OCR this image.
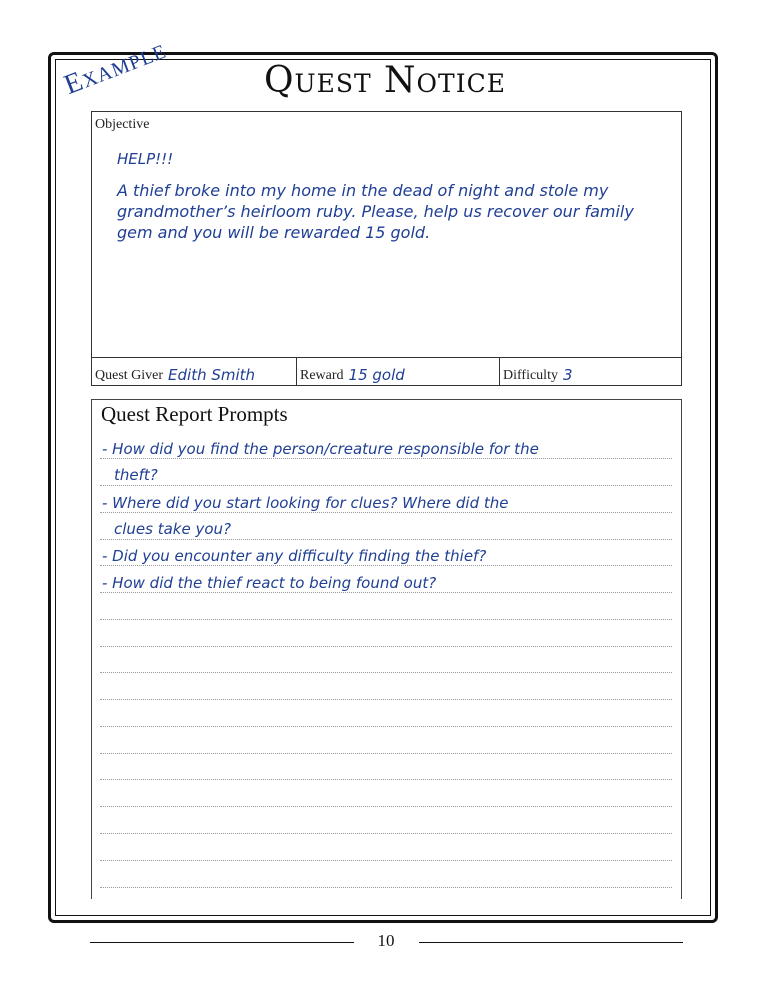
Example	Quest Notice
Objective
HELP!!!
A thief broke into my home in the dead of night and stole my grandmother’s heirloom ruby. Please, help us recover our family gem and you will be rewarded 15 gold.
Quest Giver Edith Smith	Reward 15 gold	Difficulty 3
Quest Report Prompts
- How did you find the person/creature responsible for the
theft?
- Where did you start looking for clues? Where did the
clues take you?
- Did you encounter any difficulty finding the thief?
- How did the thief react to being found out?
10
